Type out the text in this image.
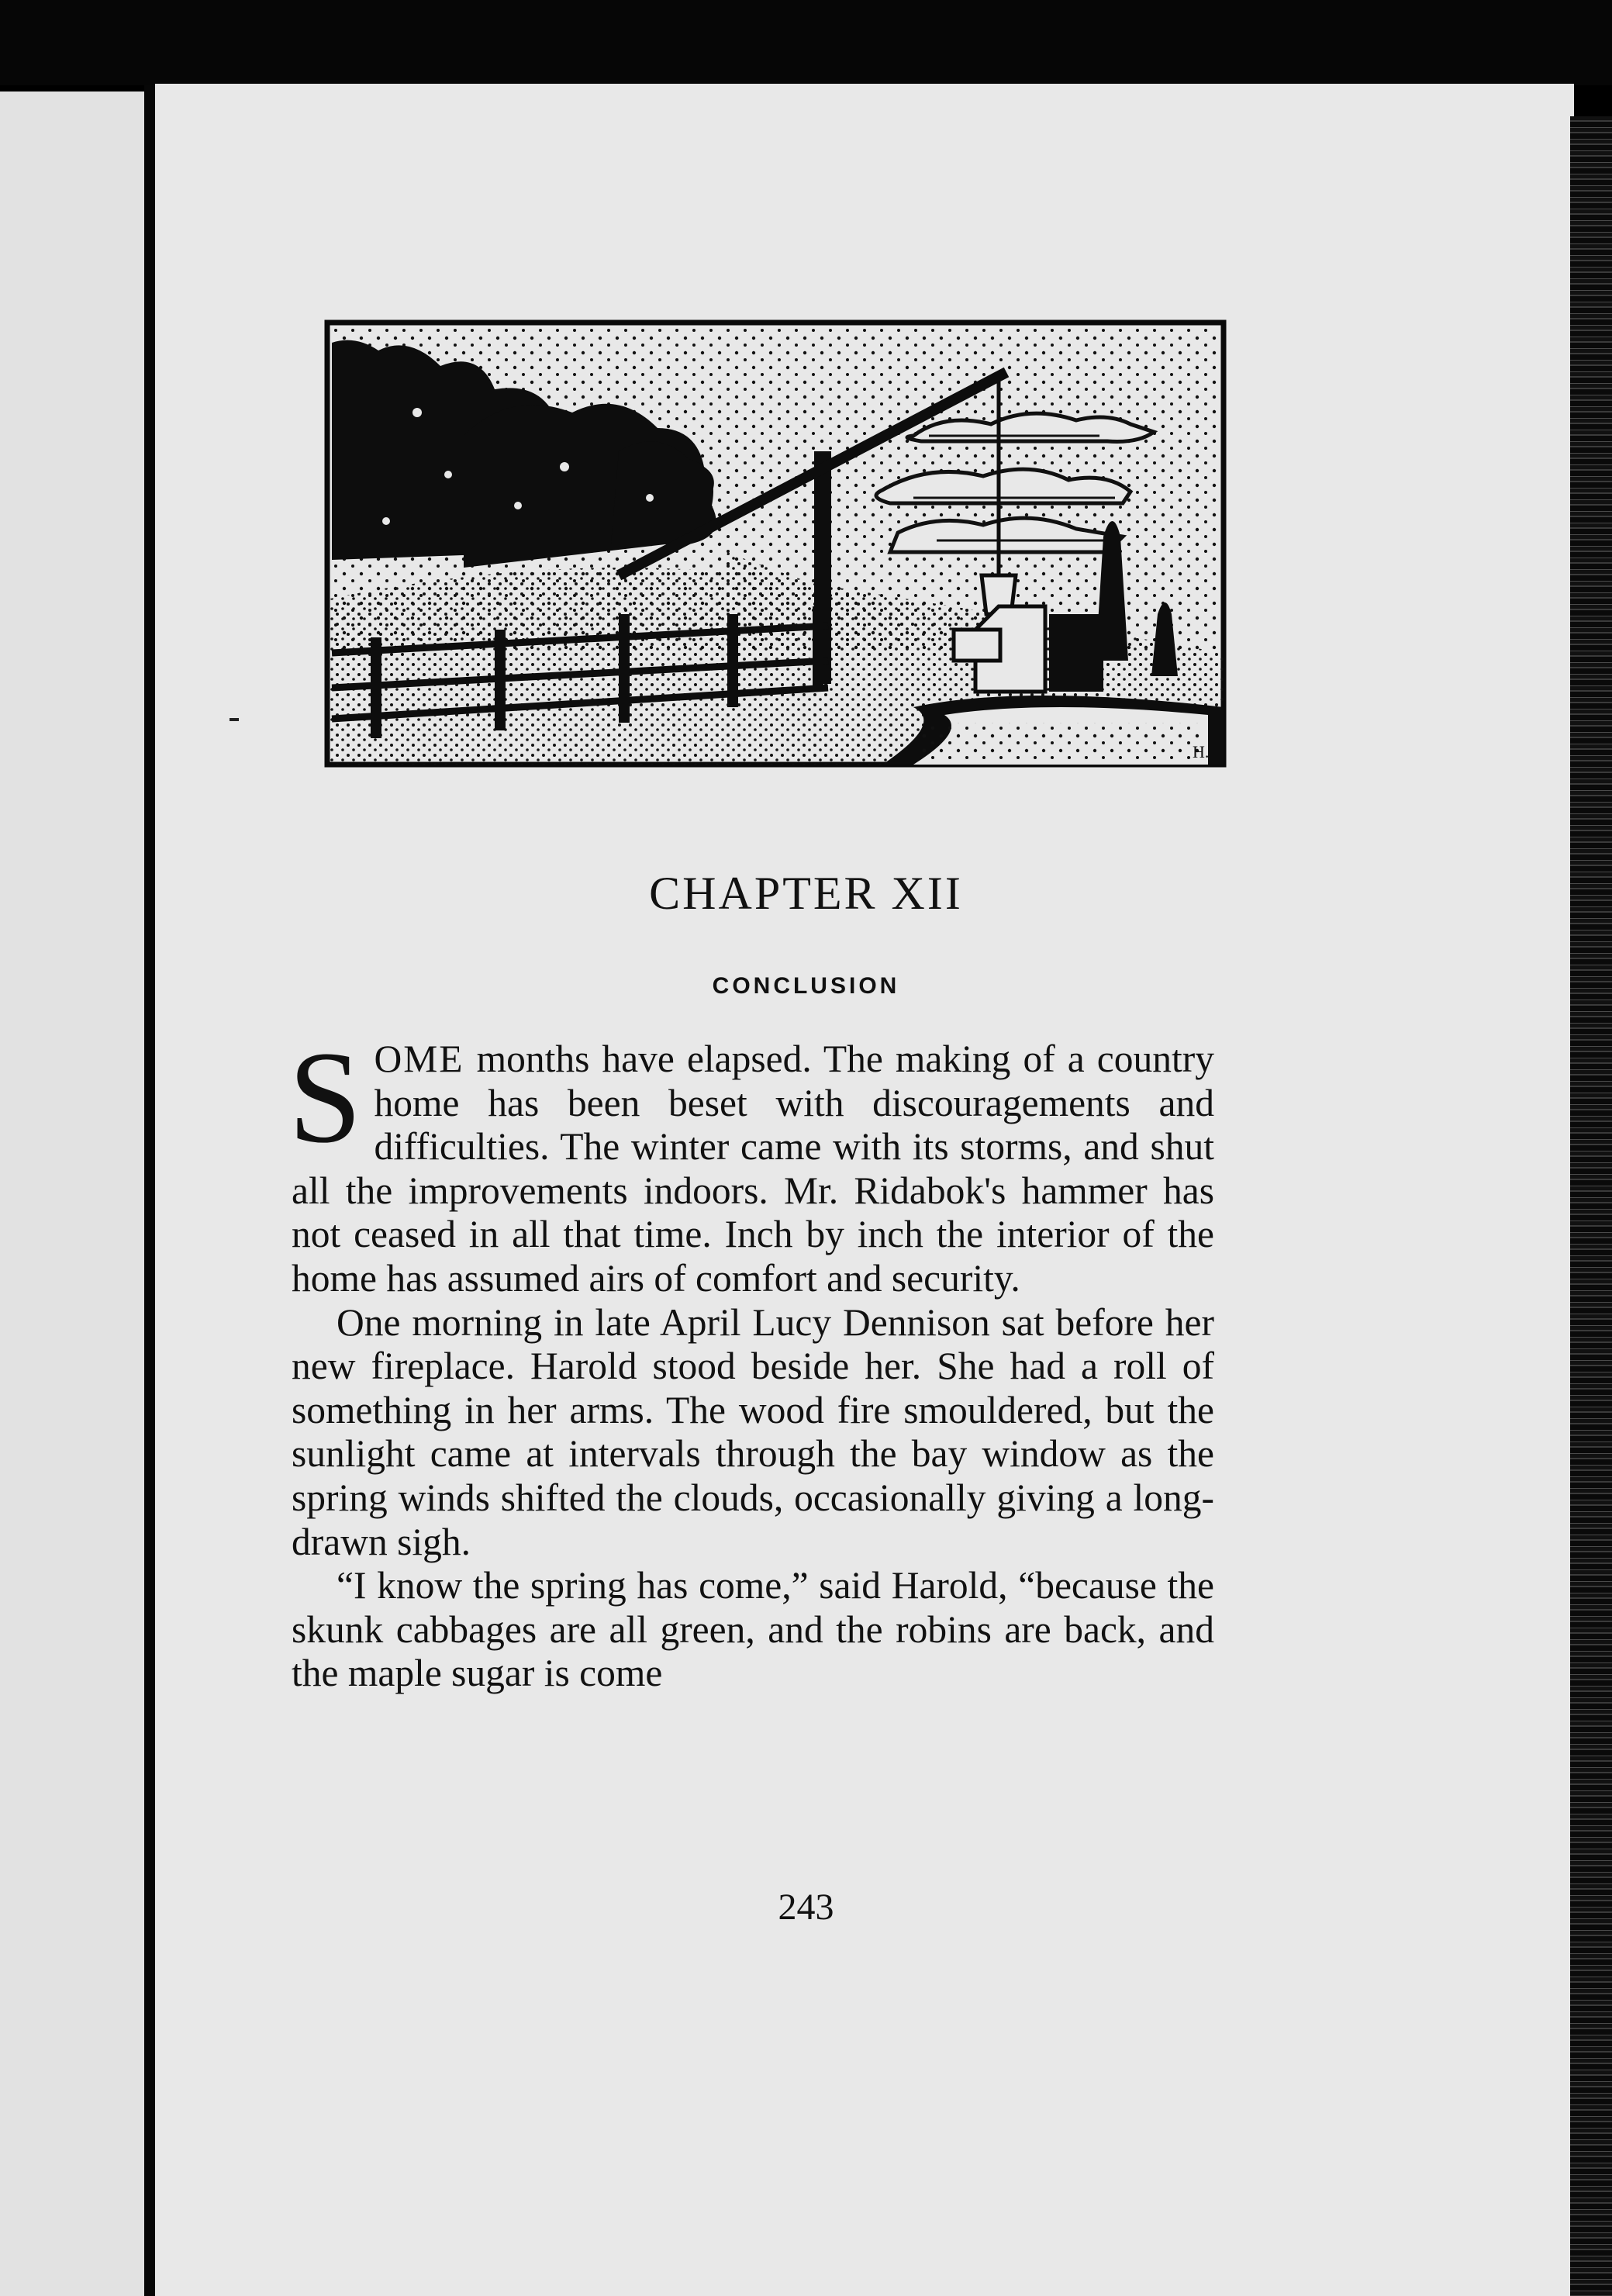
H.
CHAPTER XII
CONCLUSION

SOME months have elapsed. The making of a country home has been beset with discouragements and difficulties. The winter came with its storms, and shut all the improvements indoors. Mr. Ridabok's hammer has not ceased in all that time. Inch by inch the interior of the home has assumed airs of comfort and security.

One morning in late April Lucy Dennison sat before her new fireplace. Harold stood beside her. She had a roll of something in her arms. The wood fire smouldered, but the sunlight came at intervals through the bay window as the spring winds shifted the clouds, occasionally giving a long-drawn sigh.

“I know the spring has come,” said Harold, “because the skunk cabbages are all green, and the robins are back, and the maple sugar is come

243
